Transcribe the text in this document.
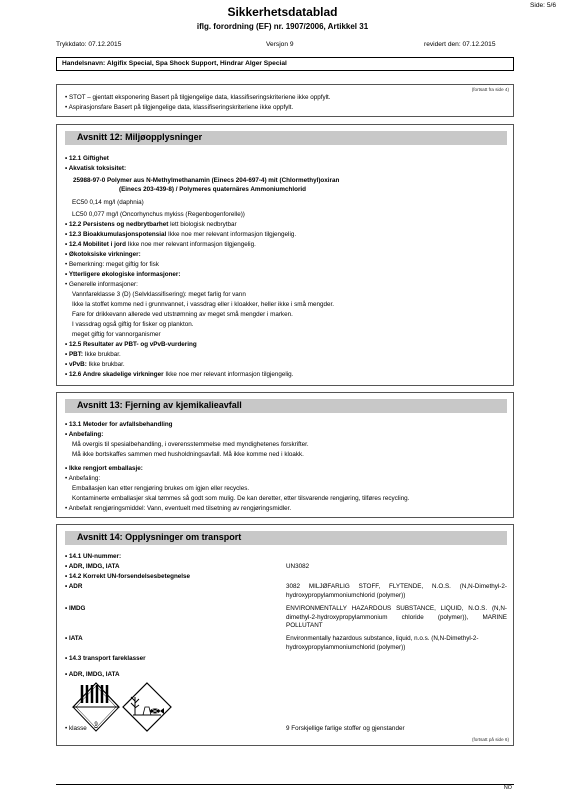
Side: 5/6
Sikkerhetsdatablad
iflg. forordning (EF) nr. 1907/2006, Artikkel 31
Trykkdato: 07.12.2015	Versjon 9	revidert den: 07.12.2015
Handelsnavn: Algifix Special, Spa Shock Support, Hindrar Alger Special
(fortsatt fra side 4)
• STOT – gjentatt eksponering Basert på tilgjengelige data, klassifiseringskriteriene ikke oppfylt.
• Aspirasjonsfare Basert på tilgjengelige data, klassifiseringskriteriene ikke oppfylt.
Avsnitt 12: Miljøopplysninger
• 12.1 Giftighet
• Akvatisk toksisitet:
25988-97-0 Polymer aus N-Methylmethanamin (Einecs 204-697-4) mit (Chlormethyl)oxiran
(Einecs 203-439-8) / Polymeres quaternäres Ammoniumchlorid
EC50 0,14 mg/l (daphnia)
LC50 0,077 mg/l (Oncorhynchus mykiss (Regenbogenforelle))
• 12.2 Persistens og nedbrytbarhet lett biologisk nedbrytbar
• 12.3 Bioakkumulasjonspotensial Ikke noe mer relevant informasjon tilgjengelig.
• 12.4 Mobilitet i jord Ikke noe mer relevant informasjon tilgjengelig.
• Økotoksiske virkninger:
• Bemerkning: meget giftig for fisk
• Ytterligere økologiske informasjoner:
• Generelle informasjoner:
Vannfareklasse 3 (D) (Selvklassifisering): meget farlig for vann
Ikke la stoffet komme ned i grunnvannet, i vassdrag eller i kloakker, heller ikke i små mengder.
Fare for drikkevann allerede ved utstrømning av meget små mengder i marken.
I vassdrag også giftig for fisker og plankton.
meget giftig for vannorganismer
• 12.5 Resultater av PBT- og vPvB-vurdering
• PBT: Ikke brukbar.
• vPvB: Ikke brukbar.
• 12.6 Andre skadelige virkninger Ikke noe mer relevant informasjon tilgjengelig.
Avsnitt 13: Fjerning av kjemikalieavfall
• 13.1 Metoder for avfallsbehandling
• Anbefaling:
Må overgis til spesialbehandling, i overensstemmelse med myndighetenes forskrifter.
Må ikke bortskaffes sammen med husholdningsavfall. Må ikke komme ned i kloakk.
• Ikke rengjort emballasje:
• Anbefaling:
Emballasjen kan etter rengjøring brukes om igjen eller recycles.
Kontaminerte emballasjer skal tømmes så godt som mulig. De kan deretter, etter tilsvarende rengjøring, tilføres recycling.
• Anbefalt rengjøringsmiddel: Vann, eventuelt med tilsetning av rengjøringsmidler.
Avsnitt 14: Opplysninger om transport
• 14.1 UN-nummer:
• ADR, IMDG, IATA	UN3082
• 14.2 Korrekt UN-forsendelsesbetegnelse
• ADR	3082 MILJØFARLIG STOFF, FLYTENDE, N.O.S. (N,N-Dimethyl-2-hydroxypropylammoniumchlorid (polymer))
• IMDG	ENVIRONMENTALLY HAZARDOUS SUBSTANCE, LIQUID, N.O.S. (N,N-dimethyl-2-hydroxypropylammonium chloride (polymer)), MARINE POLLUTANT
• IATA	Environmentally hazardous substance, liquid, n.o.s. (N,N-Dimethyl-2-hydroxypropylammoniumchlorid (polymer))
• 14.3 transport fareklasser
• ADR, IMDG, IATA
9
• klasse	9 Forskjellige farlige stoffer og gjenstander
(fortsatt på side 6)
NO
